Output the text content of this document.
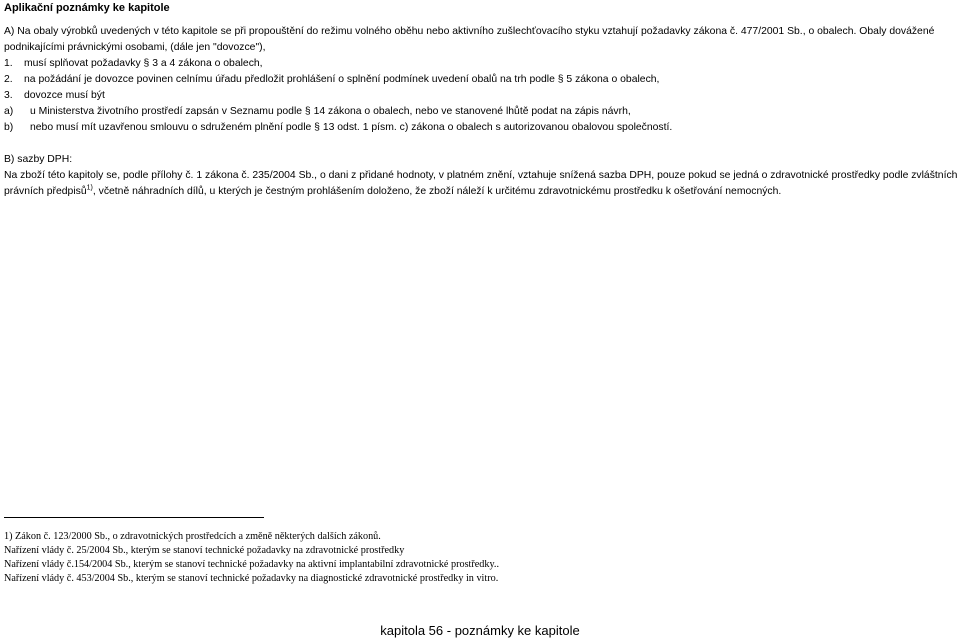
Aplikační poznámky ke kapitole
A) Na obaly výrobků uvedených v této kapitole se při propouštění do režimu volného oběhu nebo aktivního zušlechťovacího styku vztahují požadavky zákona č. 477/2001 Sb., o obalech. Obaly dovážené podnikajícími právnickými osobami, (dále jen "dovozce"),
1. musí splňovat požadavky § 3 a 4 zákona o obalech,
2. na požádání je dovozce povinen celnímu úřadu předložit prohlášení o splnění podmínek uvedení obalů na trh podle § 5 zákona o obalech,
3. dovozce musí být
a) u Ministerstva životního prostředí zapsán v Seznamu podle § 14 zákona o obalech, nebo ve stanovené lhůtě podat na zápis návrh,
b) nebo musí mít uzavřenou smlouvu o sdruženém plnění podle § 13 odst. 1 písm. c) zákona o obalech s autorizovanou obalovou společností.
B) sazby DPH:
Na zboží této kapitoly se, podle přílohy č. 1 zákona č. 235/2004 Sb., o dani z přidané hodnoty, v platném znění, vztahuje snížená sazba DPH, pouze pokud se jedná o zdravotnické prostředky podle zvláštních právních předpisů$^{1)}$, včetně náhradních dílů, u kterých je čestným prohlášením doloženo, že zboží náleží k určitému zdravotnickému prostředku k ošetřování nemocných.
1) Zákon č. 123/2000 Sb., o zdravotnických prostředcích a změně některých dalších zákonů.
Nařízení vlády č. 25/2004 Sb., kterým se stanoví technické požadavky na zdravotnické prostředky
Nařízení vlády č.154/2004 Sb., kterým se stanoví technické požadavky na aktivní implantabilní zdravotnické prostředky..
Nařízení vlády č. 453/2004 Sb., kterým se stanoví technické požadavky na diagnostické zdravotnické prostředky in vitro.
kapitola 56 - poznámky ke kapitole
